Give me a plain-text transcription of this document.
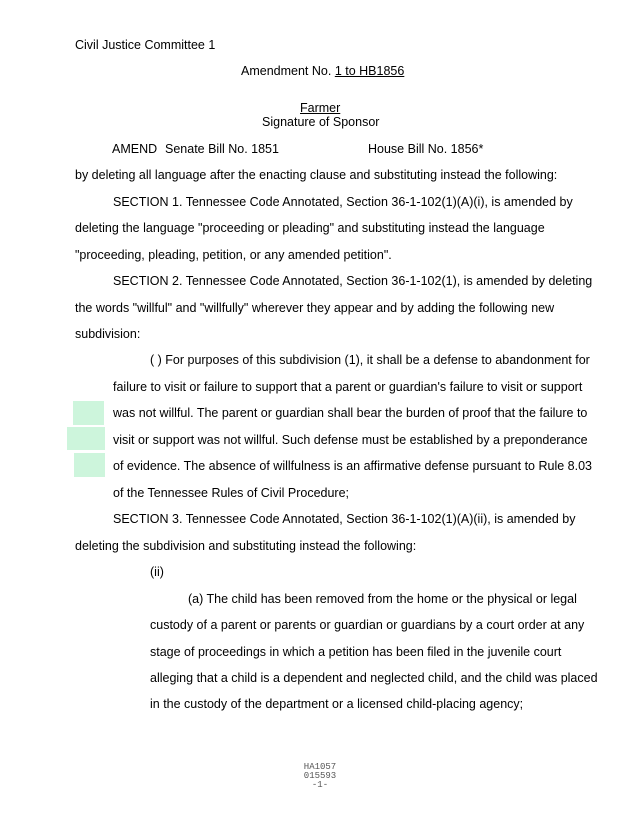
Civil Justice Committee 1
Amendment No. 1 to HB1856
Farmer
Signature of Sponsor
AMEND Senate Bill No. 1851	House Bill No. 1856*
by deleting all language after the enacting clause and substituting instead the following:
SECTION 1. Tennessee Code Annotated, Section 36-1-102(1)(A)(i), is amended by
deleting the language "proceeding or pleading" and substituting instead the language
"proceeding, pleading, petition, or any amended petition".
SECTION 2. Tennessee Code Annotated, Section 36-1-102(1), is amended by deleting
the words "willful" and "willfully" wherever they appear and by adding the following new
subdivision:
( ) For purposes of this subdivision (1), it shall be a defense to abandonment for
failure to visit or failure to support that a parent or guardian's failure to visit or support
was not willful. The parent or guardian shall bear the burden of proof that the failure to
visit or support was not willful. Such defense must be established by a preponderance
of evidence. The absence of willfulness is an affirmative defense pursuant to Rule 8.03
of the Tennessee Rules of Civil Procedure;
SECTION 3. Tennessee Code Annotated, Section 36-1-102(1)(A)(ii), is amended by
deleting the subdivision and substituting instead the following:
(ii)
(a) The child has been removed from the home or the physical or legal
custody of a parent or parents or guardian or guardians by a court order at any
stage of proceedings in which a petition has been filed in the juvenile court
alleging that a child is a dependent and neglected child, and the child was placed
in the custody of the department or a licensed child-placing agency;
HA1057
015593
-1-
